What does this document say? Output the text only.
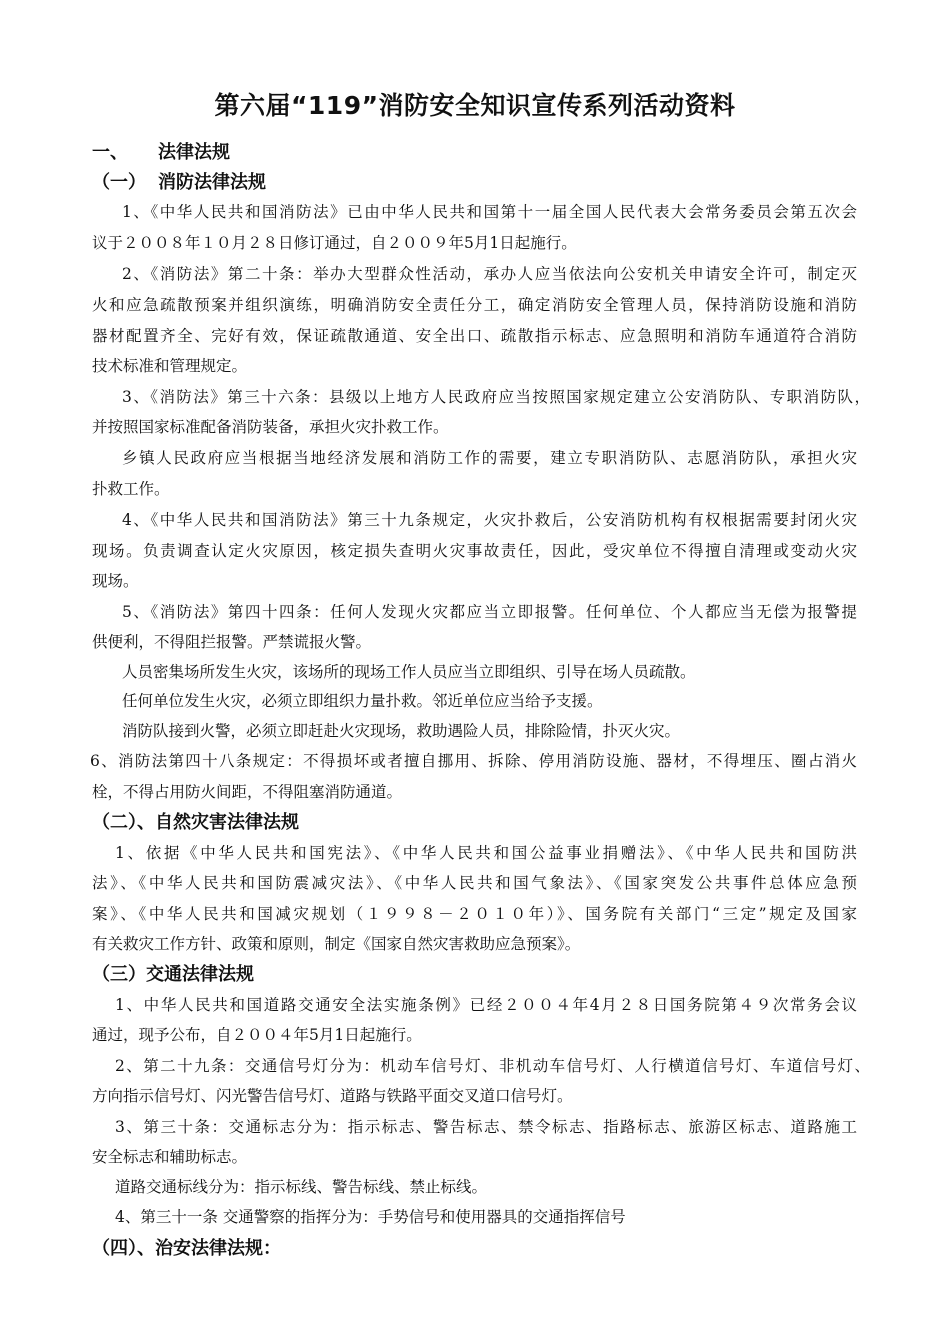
第六届“119”消防安全知识宣传系列活动资料
一、 法律法规
（一） 消防法律法规
1、《中华人民共和国消防法》已由中华人民共和国第十一届全国人民代表大会常务委员会第五次会
议于２００８年１０月２８日修订通过，自２００９年5月1日起施行。
2、《消防法》第二十条：举办大型群众性活动，承办人应当依法向公安机关申请安全许可，制定灭
火和应急疏散预案并组织演练，明确消防安全责任分工，确定消防安全管理人员，保持消防设施和消防
器材配置齐全、完好有效，保证疏散通道、安全出口、疏散指示标志、应急照明和消防车通道符合消防
技术标准和管理规定。
3、《消防法》第三十六条：县级以上地方人民政府应当按照国家规定建立公安消防队、专职消防队，
并按照国家标准配备消防装备，承担火灾扑救工作。
乡镇人民政府应当根据当地经济发展和消防工作的需要，建立专职消防队、志愿消防队，承担火灾
扑救工作。
4、《中华人民共和国消防法》第三十九条规定，火灾扑救后，公安消防机构有权根据需要封闭火灾
现场。负责调查认定火灾原因，核定损失查明火灾事故责任，因此，受灾单位不得擅自清理或变动火灾
现场。
5、《消防法》第四十四条：任何人发现火灾都应当立即报警。任何单位、个人都应当无偿为报警提
供便利，不得阻拦报警。严禁谎报火警。
人员密集场所发生火灾，该场所的现场工作人员应当立即组织、引导在场人员疏散。
任何单位发生火灾，必须立即组织力量扑救。邻近单位应当给予支援。
消防队接到火警，必须立即赶赴火灾现场，救助遇险人员，排除险情，扑灭火灾。
6、消防法第四十八条规定：不得损坏或者擅自挪用、拆除、停用消防设施、器材，不得埋压、圈占消火
栓，不得占用防火间距，不得阻塞消防通道。
（二）、自然灾害法律法规
1、依据《中华人民共和国宪法》、《中华人民共和国公益事业捐赠法》、《中华人民共和国防洪
法》、《中华人民共和国防震减灾法》、《中华人民共和国气象法》、《国家突发公共事件总体应急预
案》、《中华人民共和国减灾规划（１９９８－２０１０年）》、国务院有关部门“三定”规定及国家
有关救灾工作方针、政策和原则，制定《国家自然灾害救助应急预案》。
（三）交通法律法规
1、中华人民共和国道路交通安全法实施条例》已经２００４年4月２８日国务院第４９次常务会议
通过，现予公布，自２００４年5月1日起施行。
2、第二十九条：交通信号灯分为：机动车信号灯、非机动车信号灯、人行横道信号灯、车道信号灯、
方向指示信号灯、闪光警告信号灯、道路与铁路平面交叉道口信号灯。
3、第三十条：交通标志分为：指示标志、警告标志、禁令标志、指路标志、旅游区标志、道路施工
安全标志和辅助标志。
道路交通标线分为：指示标线、警告标线、禁止标线。
4、第三十一条 交通警察的指挥分为：手势信号和使用器具的交通指挥信号
（四）、治安法律法规：
